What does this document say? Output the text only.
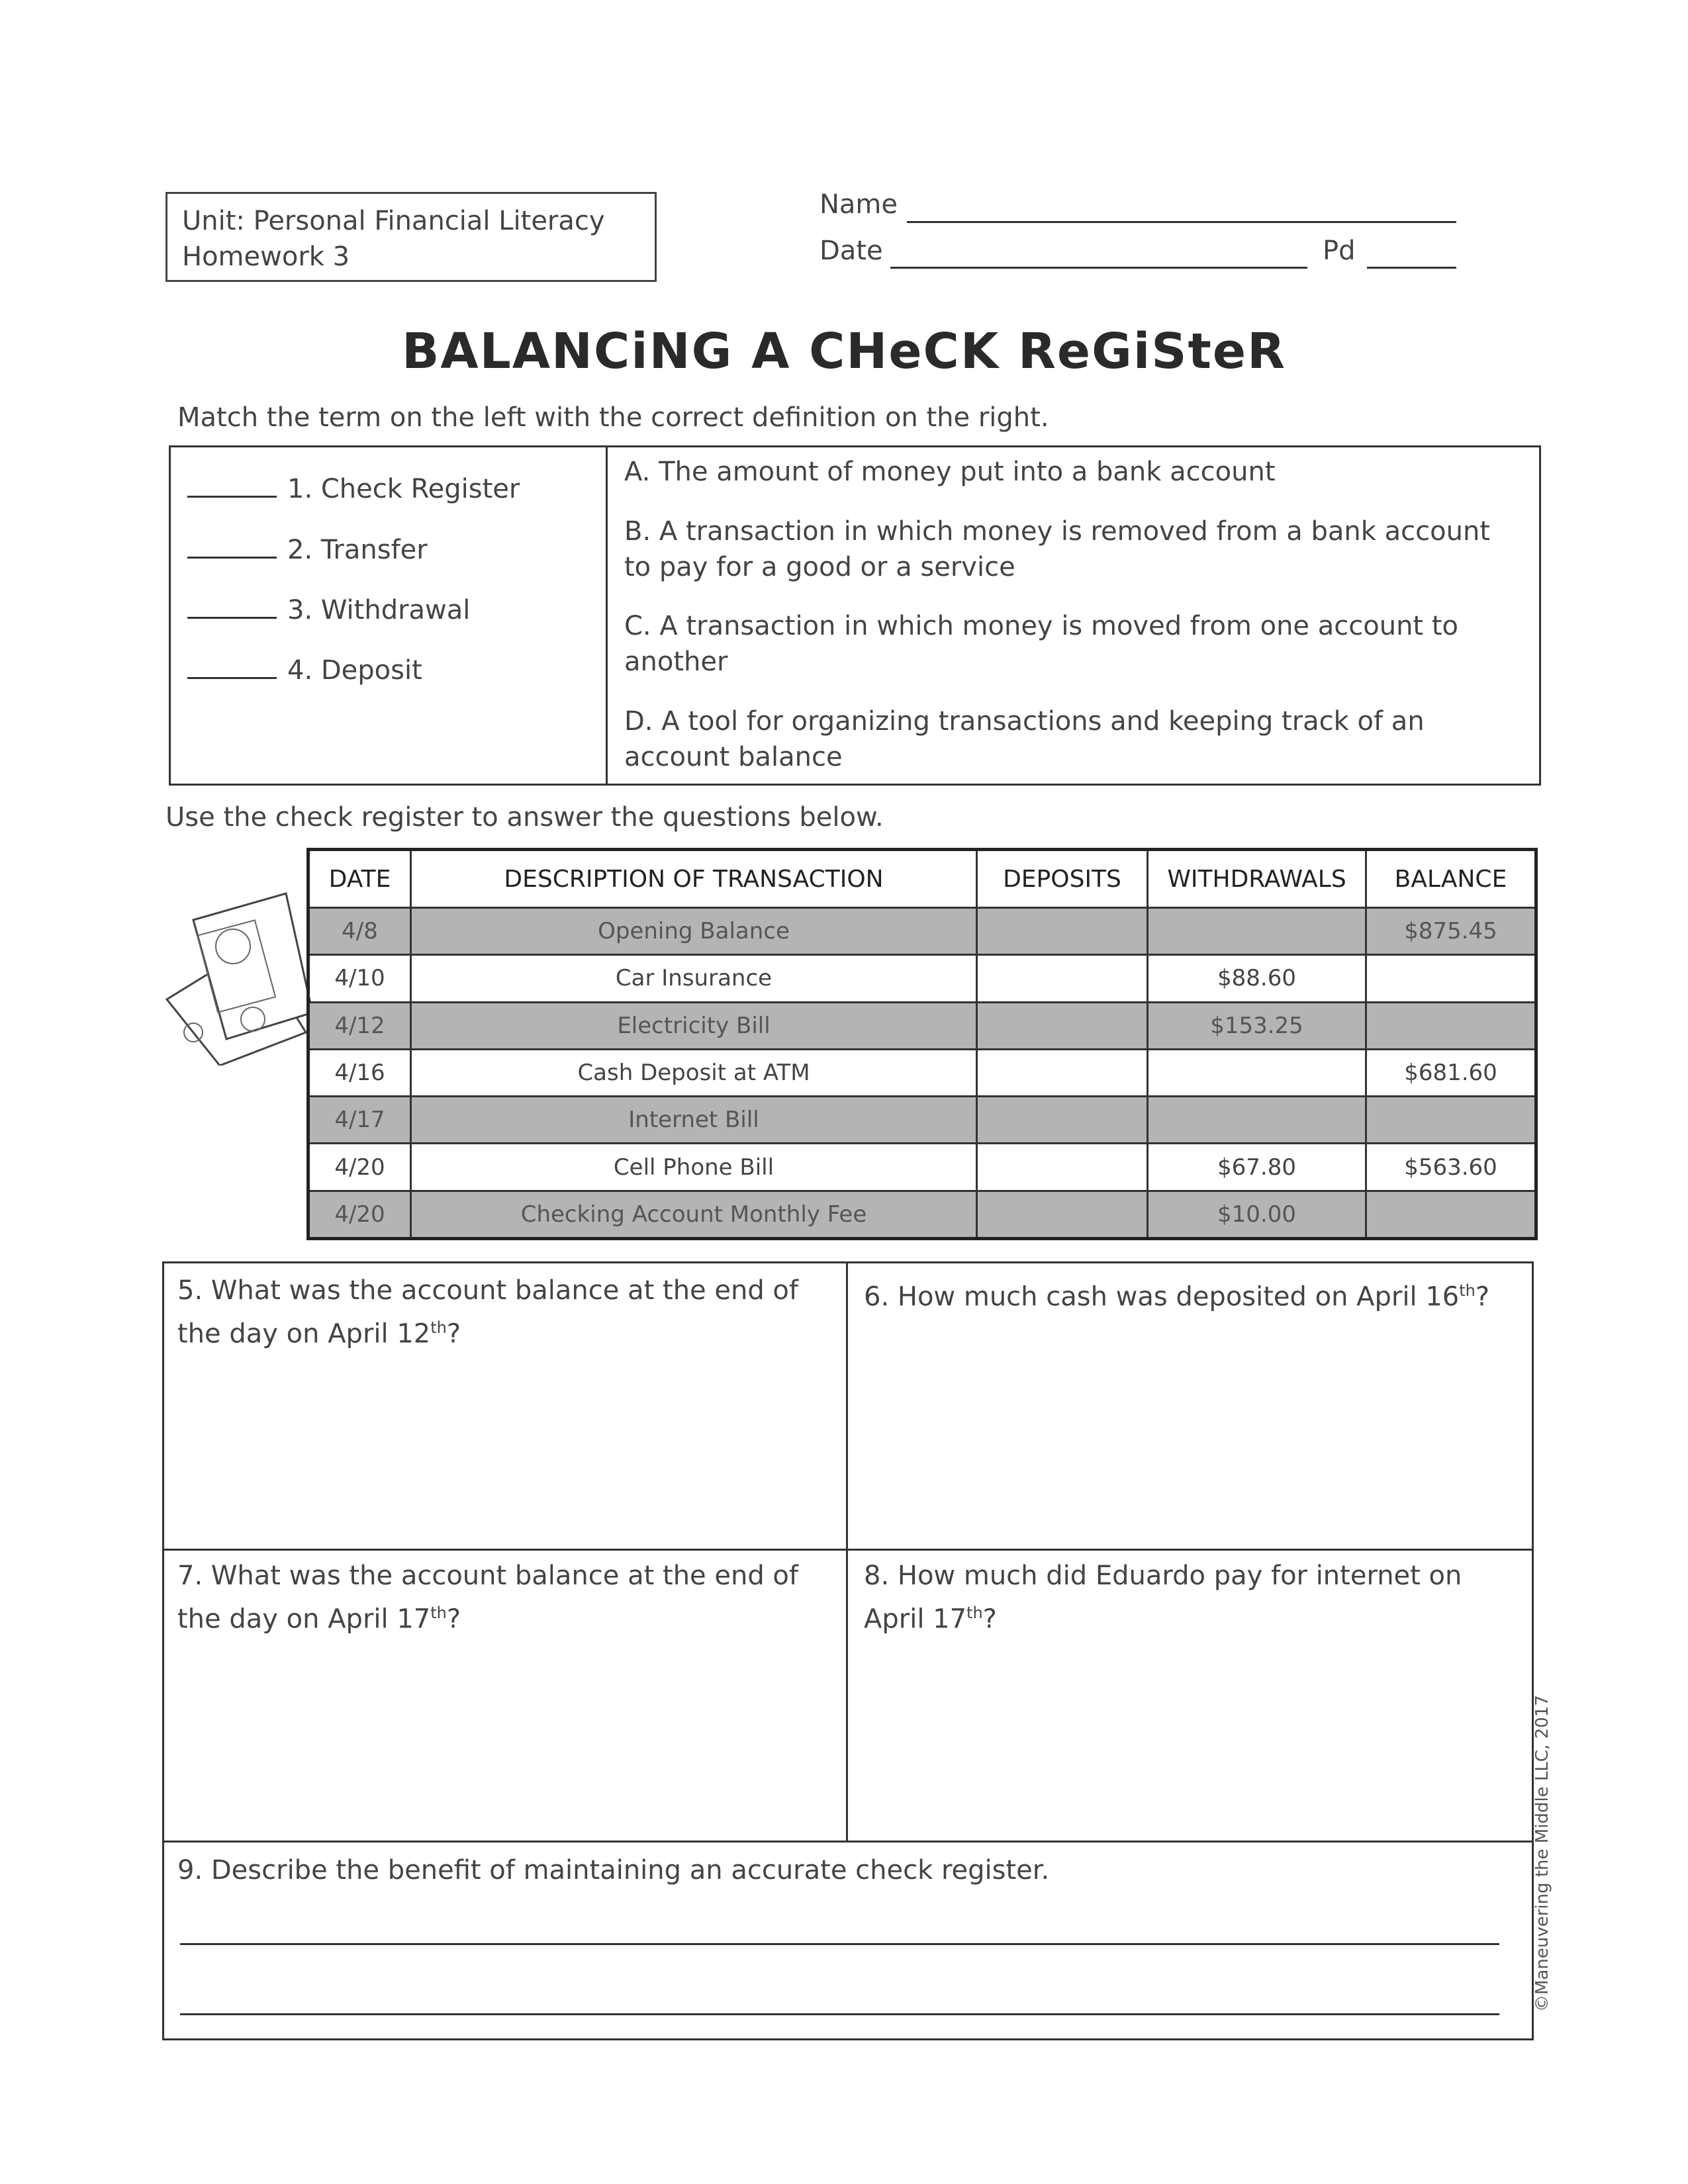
Unit: Personal Financial Literacy
Homework 3
Name
Date	Pd
BALANCiNG A CHeCK ReGiSteR
Match the term on the left with the correct definition on the right.
1. Check Register
2. Transfer
3. Withdrawal
4. Deposit
A. The amount of money put into a bank account
B. A transaction in which money is removed from a bank account to pay for a good or a service
C. A transaction in which money is moved from one account to another
D. A tool for organizing transactions and keeping track of an account balance
Use the check register to answer the questions below.
DATE	DESCRIPTION OF TRANSACTION	DEPOSITS	WITHDRAWALS	BALANCE
4/8	Opening Balance			$875.45
4/10	Car Insurance		$88.60	
4/12	Electricity Bill		$153.25	
4/16	Cash Deposit at ATM			$681.60
4/17	Internet Bill			
4/20	Cell Phone Bill		$67.80	$563.60
4/20	Checking Account Monthly Fee		$10.00	
5. What was the account balance at the end of the day on April 12th?
6. How much cash was deposited on April 16th?
7. What was the account balance at the end of the day on April 17th?
8. How much did Eduardo pay for internet on April 17th?
9. Describe the benefit of maintaining an accurate check register.	©Maneuvering the Middle LLC, 2017
